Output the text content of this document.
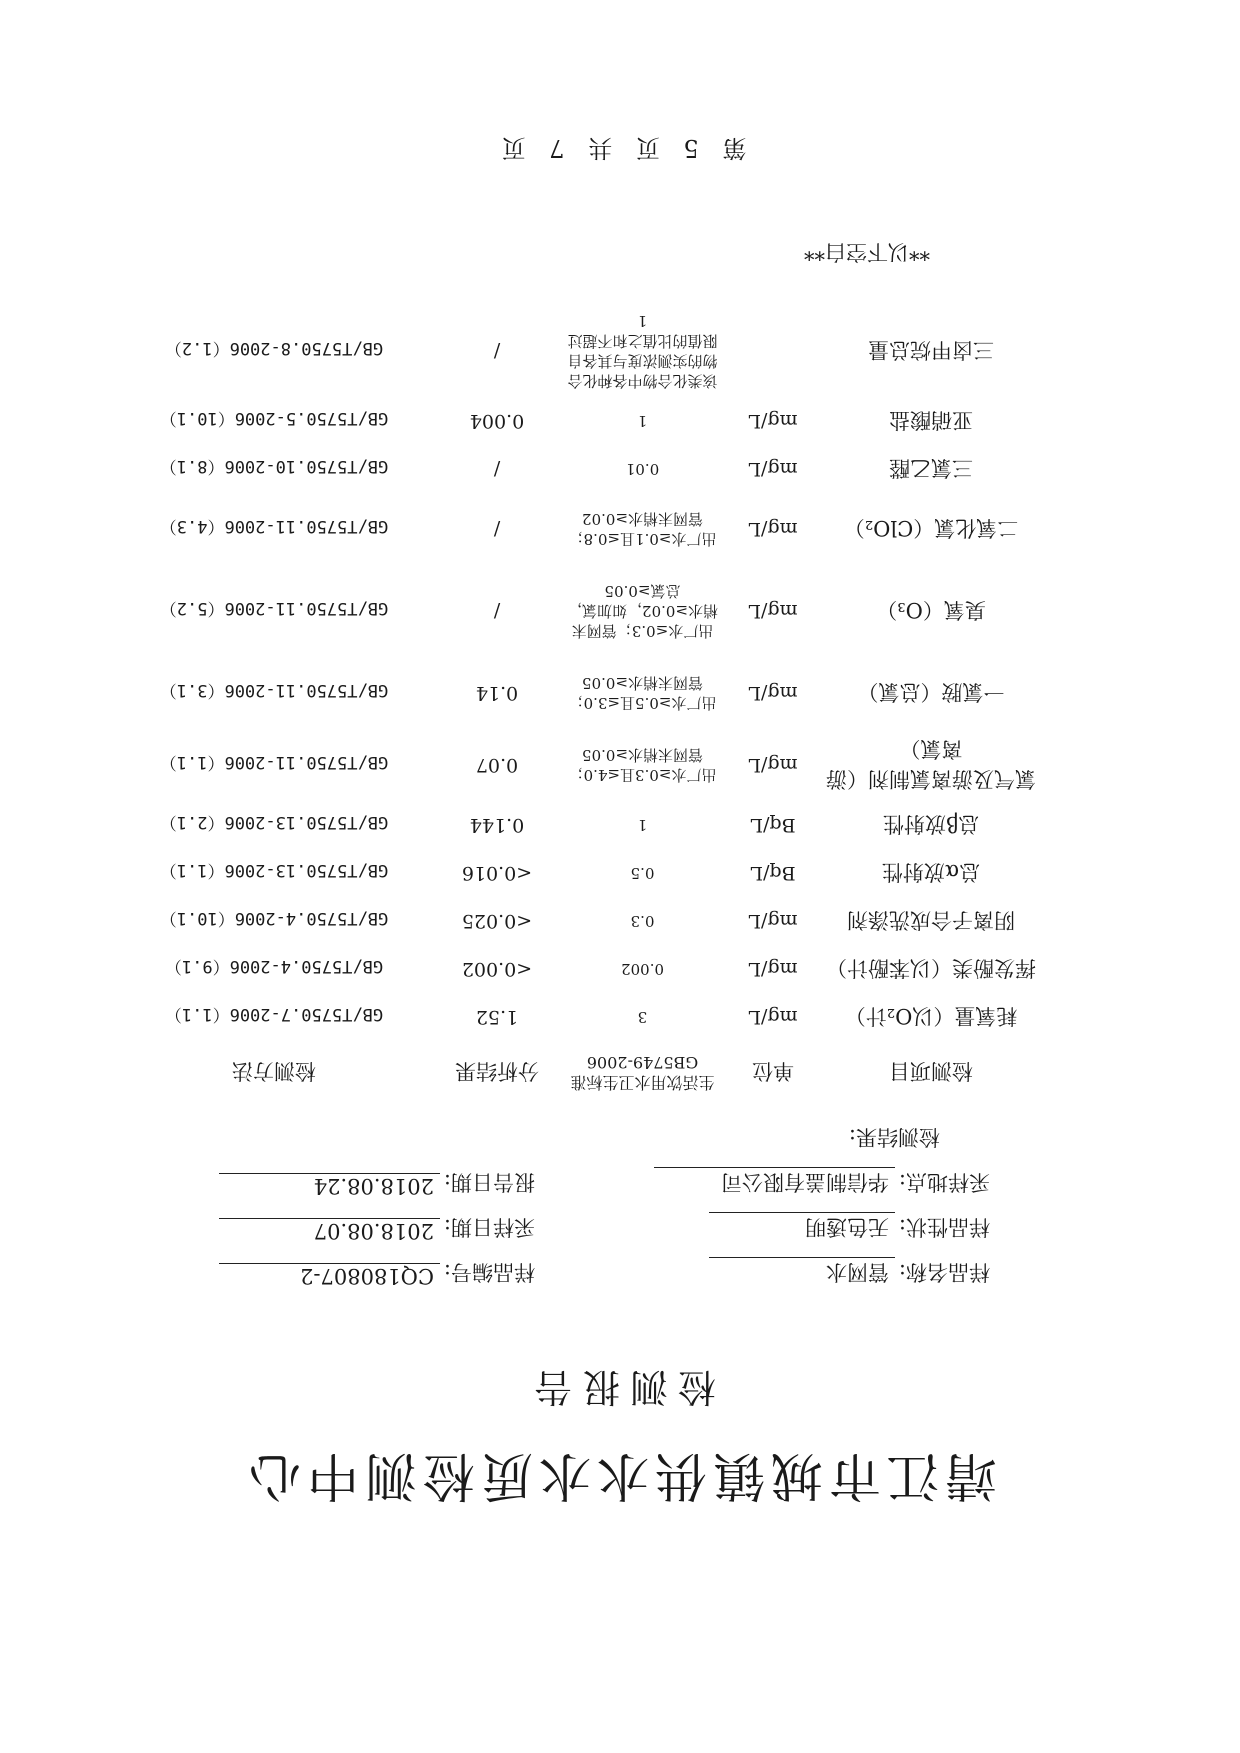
靖江市城镇供水水质检测中心
检测报告
样品名称:
管网水
样品编号:
CQ180807-2
样品性状:
无色透明
采样日期:
2018.08.07
采样地点:
华信制盖有限公司
报告日期:
2018.08.24
检测结果:
检测项目	单位	生活饮用水卫生标准GB5749-2006	分析结果	检测方法
耗氧量（以O₂计）	mg/L	3	1.52	GB/T5750.7-2006（1.1）
挥发酚类（以苯酚计）	mg/L	0.002	<0.002	GB/T5750.4-2006（9.1）
阴离子合成洗涤剂	mg/L	0.3	<0.025	GB/T5750.4-2006（10.1）
总α放射性	Bq/L	0.5	<0.016	GB/T5750.13-2006（1.1）
总β放射性	Bq/L	1	0.144	GB/T5750.13-2006（2.1）
氯气及游离氯制剂（游离氯）	mg/L	出厂水≥0.3且≤4.0；管网末梢水≥0.05	0.07	GB/T5750.11-2006（1.1）
一氯胺（总氯）	mg/L	出厂水≥0.5且≤3.0；管网末梢水≥0.05	0.14	GB/T5750.11-2006（3.1）
臭氧（O₃）	mg/L	出厂水≤0.3；管网末梢水≥0.02，如加氯，总氯≥0.05	/	GB/T5750.11-2006（5.2）
二氧化氯（ClO₂）	mg/L	出厂水≥0.1且≤0.8；管网末梢水≥0.02	/	GB/T5750.11-2006（4.3）
三氯乙醛	mg/L	0.01	/	GB/T5750.10-2006（8.1）
亚硝酸盐	mg/L	1	0.004	GB/T5750.5-2006（10.1）
三卤甲烷总量		该类化合物中各种化合物的实测浓度与其各自限值的比值之和不超过1	/	GB/T5750.8-2006（1.2）
**以下空白**
第 5 页 共 7 页
